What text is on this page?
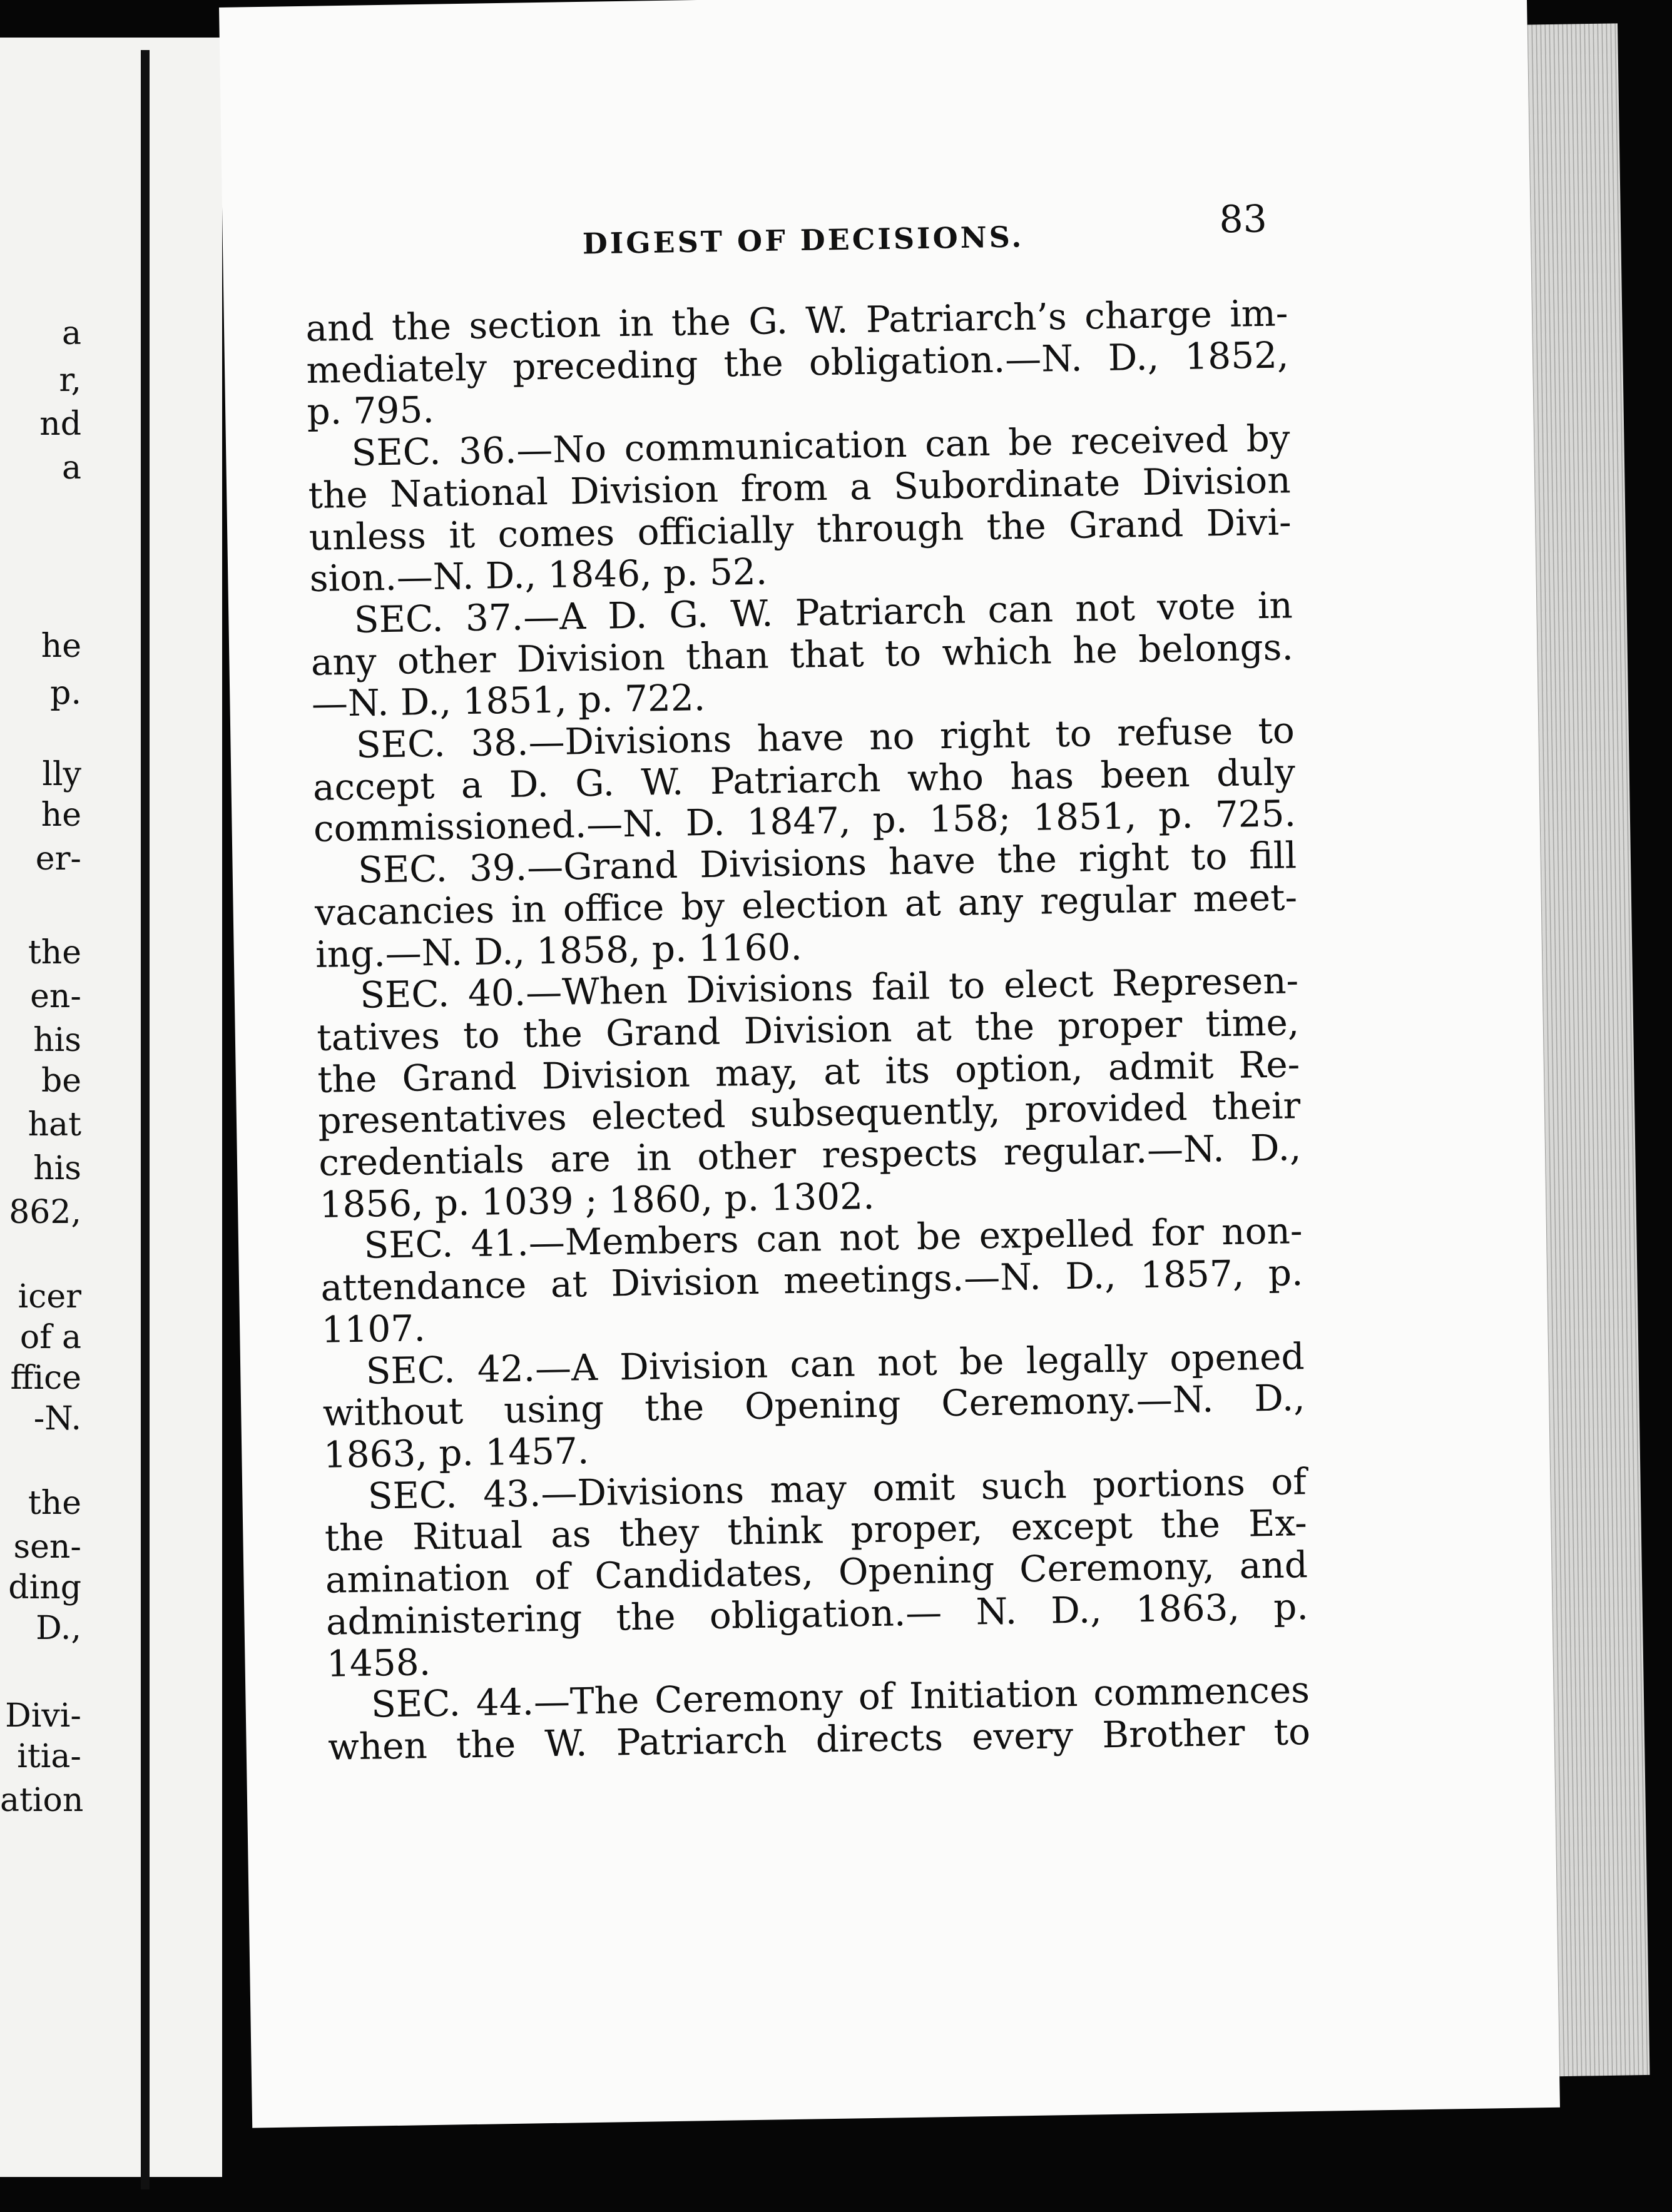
a
r,
nd
a
he
p.
lly
he
er-
the
en-
his
be
hat
his
862,
icer
of a
ffice
-N.
the
sen-
ding
D.,
Divi-
itia-
ation
DIGEST OF DECISIONS.	83
and the section in the G. W. Patriarch’s charge im-
mediately preceding the obligation.—N. D., 1852,
p. 795.
SEC. 36.—No communication can be received by
the National Division from a Subordinate Division
unless it comes officially through the Grand Divi-
sion.—N. D., 1846, p. 52.
SEC. 37.—A D. G. W. Patriarch can not vote in
any other Division than that to which he belongs.
—N. D., 1851, p. 722.
SEC. 38.—Divisions have no right to refuse to
accept a D. G. W. Patriarch who has been duly
commissioned.—N. D. 1847, p. 158; 1851, p. 725.
SEC. 39.—Grand Divisions have the right to fill
vacancies in office by election at any regular meet-
ing.—N. D., 1858, p. 1160.
SEC. 40.—When Divisions fail to elect Represen-
tatives to the Grand Division at the proper time,
the Grand Division may, at its option, admit Re-
presentatives elected subsequently, provided their
credentials are in other respects regular.—N. D.,
1856, p. 1039 ; 1860, p. 1302.
SEC. 41.—Members can not be expelled for non-
attendance at Division meetings.—N. D., 1857, p.
1107.
SEC. 42.—A Division can not be legally opened
without using the Opening Ceremony.—N. D.,
1863, p. 1457.
SEC. 43.—Divisions may omit such portions of
the Ritual as they think proper, except the Ex-
amination of Candidates, Opening Ceremony, and
administering the obligation.— N. D., 1863, p.
1458.
SEC. 44.—The Ceremony of Initiation commences
when the W. Patriarch directs every Brother to
